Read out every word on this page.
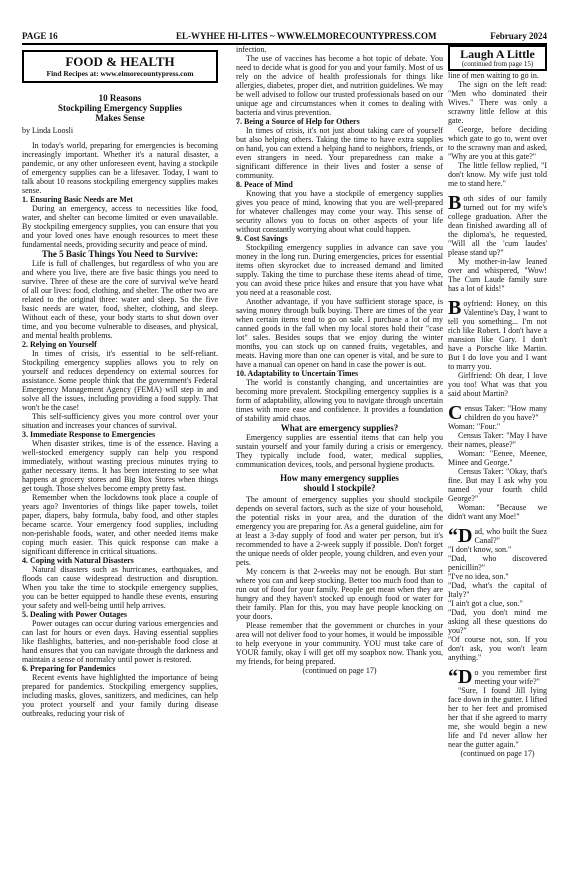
PAGE 16	EL-WYHEE HI-LITES ~ WWW.ELMORECOUNTYPRESS.COM	February 2024
FOOD & HEALTH
Find Recipes at: www.elmorecountypress.com
10 Reasons
Stockpiling Emergency Supplies
Makes Sense
by Linda Loosli

In today's world, preparing for emergencies is becoming increasingly important. Whether it's a natural disaster, a pandemic, or any other unforeseen event, having a stockpile of emergency supplies can be a lifesaver. Today, I want to talk about 10 reasons stockpiling emergency supplies makes sense.

1. Ensuring Basic Needs are Met

During an emergency, access to necessities like food, water, and shelter can become limited or even unavailable. By stockpiling emergency supplies, you can ensure that you and your loved ones have enough resources to meet these fundamental needs, providing security and peace of mind.

The 5 Basic Things You Need to Survive:

Life is full of challenges, but regardless of who you are and where you live, there are five basic things you need to survive. Three of these are the core of survival we've heard of all our lives: food, clothing, and shelter. The other two are related to the original three: water and sleep. So the five basic needs are water, food, shelter, clothing, and sleep. Without each of these, your body starts to shut down over time, and you become vulnerable to diseases, and physical, and mental health problems.

2. Relying on Yourself

In times of crisis, it's essential to be self-reliant. Stockpiling emergency supplies allows you to rely on yourself and reduces dependency on external sources for assistance. Some people think that the government's Federal Emergency Management Agency (FEMA) will step in and solve all the issues, including providing a food supply. That won't be the case!

This self-sufficiency gives you more control over your situation and increases your chances of survival.

3. Immediate Response to Emergencies

When disaster strikes, time is of the essence. Having a well-stocked emergency supply can help you respond immediately, without wasting precious minutes trying to gather necessary items. It has been interesting to see what happens at grocery stores and Big Box Stores when things get tough. Those shelves become empty pretty fast.

Remember when the lockdowns took place a couple of years ago? Inventories of things like paper towels, toilet paper, diapers, baby formula, baby food, and other staples became scarce. Your emergency food supplies, including non-perishable foods, water, and other needed items make coping much easier. This quick response can make a significant difference in critical situations.

4. Coping with Natural Disasters

Natural disasters such as hurricanes, earthquakes, and floods can cause widespread destruction and disruption. When you take the time to stockpile emergency supplies, you can be better equipped to handle these events, ensuring your safety and well-being until help arrives.

5. Dealing with Power Outages

Power outages can occur during various emergencies and can last for hours or even days. Having essential supplies like flashlights, batteries, and non-perishable food close at hand ensures that you can navigate through the darkness and maintain a sense of normalcy until power is restored.

6. Preparing for Pandemics

Recent events have highlighted the importance of being prepared for pandemics. Stockpiling emergency supplies, including masks, gloves, sanitizers, and medicines, can help you protect yourself and your family during disease outbreaks, reducing your risk of

infection.

The use of vaccines has become a hot topic of debate. You need to decide what is good for you and your family. Most of us rely on the advice of health professionals for things like allergies, diabetes, proper diet, and nutrition guidelines. We may be well advised to follow our trusted professionals based on our unique age and circumstances when it comes to dealing with bacteria and virus prevention.

7. Being a Source of Help for Others

In times of crisis, it's not just about taking care of yourself but also helping others. Taking the time to have extra supplies on hand, you can extend a helping hand to neighbors, friends, or even strangers in need. Your preparedness can make a significant difference in their lives and foster a sense of community.

8. Peace of Mind

Knowing that you have a stockpile of emergency supplies gives you peace of mind, knowing that you are well-prepared for whatever challenges may come your way. This sense of security allows you to focus on other aspects of your life without constantly worrying about what could happen.

9. Cost Savings

Stockpiling emergency supplies in advance can save you money in the long run. During emergencies, prices for essential items often skyrocket due to increased demand and limited supply. Taking the time to purchase these items ahead of time, you can avoid these price hikes and ensure that you have what you need at a reasonable cost.

Another advantage, if you have sufficient storage space, is saving money through bulk buying. There are times of the year when certain items tend to go on sale. I purchase a lot of my canned goods in the fall when my local stores hold their "case lot" sales. Besides soups that we enjoy during the winter months, you can stock up on canned fruits, vegetables, and meats. Having more than one can opener is vital, and be sure to have a manual can opener on hand in case the power is out.

10. Adaptability to Uncertain Times

The world is constantly changing, and uncertainties are becoming more prevalent. Stockpiling emergency supplies is a form of adaptability, allowing you to navigate through uncertain times with more ease and confidence. It provides a foundation of stability amid chaos.

What are emergency supplies?

Emergency supplies are essential items that can help you sustain yourself and your family during a crisis or emergency. They typically include food, water, medical supplies, communication devices, tools, and personal hygiene products.

How many emergency supplies
should I stockpile?

The amount of emergency supplies you should stockpile depends on several factors, such as the size of your household, the potential risks in your area, and the duration of the emergency you are preparing for. As a general guideline, aim for at least a 3-day supply of food and water per person, but it's recommended to have a 2-week supply if possible. Don't forget the unique needs of older people, young children, and even your pets.

My concern is that 2-weeks may not be enough. But start where you can and keep stocking. Better too much food than to run out of food for your family. People get mean when they are hungry and they haven't stocked up enough food or water for their family. Plan for this, you may have people knocking on your doors.

Please remember that the government or churches in your area will not deliver food to your homes, it would be impossible to help everyone in your community. YOU must take care of YOUR family, okay I will get off my soapbox now. Thank you, my friends, for being prepared.

(continued on page 17)

Laugh A Little
(continued from page 15)

line of men waiting to go in.

The sign on the left read: "Men who dominated their Wives." There was only a scrawny little fellow at this gate.

George, before deciding which gate to go to, went over to the scrawny man and asked, "Why are you at this gate?"

The little fellow replied, "I don't know. My wife just told me to stand here."

B oth sides of our family turned out for my wife's college graduation. After the dean finished awarding all of the diploma's, he requested, "Will all the 'cum laudes' please stand up?"

My mother-in-law leaned over and whispered, "Wow! The Cum Laude family sure has a lot of kids!"

B oyfriend: Honey, on this Valentine's Day, I want to tell you something... I'm not rich like Robert. I don't have a mansion like Gary. I don't have a Porsche like Martin. But I do love you and I want to marry you.

Girlfriend: Oh dear, I love you too! What was that you said about Martin?

C ensus Taker: "How many children do you have?"

Woman: "Four."

Census Taker: "May I have their names, please?"

Woman: "Eenee, Meenee, Minee and George."

Census Taker: "Okay, that's fine. But may I ask why you named your fourth child George?"

Woman: "Because we didn't want any Moe!"

“D ad, who built the Suez Canal?"

"I don't know, son."

"Dad, who discovered penicillin?"

"I've no idea, son."

"Dad, what's the capital of Italy?"

"I ain't got a clue, son."

"Dad, you don't mind me asking all these questions do you?"

"Of course not, son. If you don't ask, you won't learn anything."

“D o you remember first meeting your wife?"

"Sure, I found Jill lying face down in the gutter. I lifted her to her feet and promised her that if she agreed to marry me, she would begin a new life and I'd never allow her near the gutter again."

(continued on page 17)
